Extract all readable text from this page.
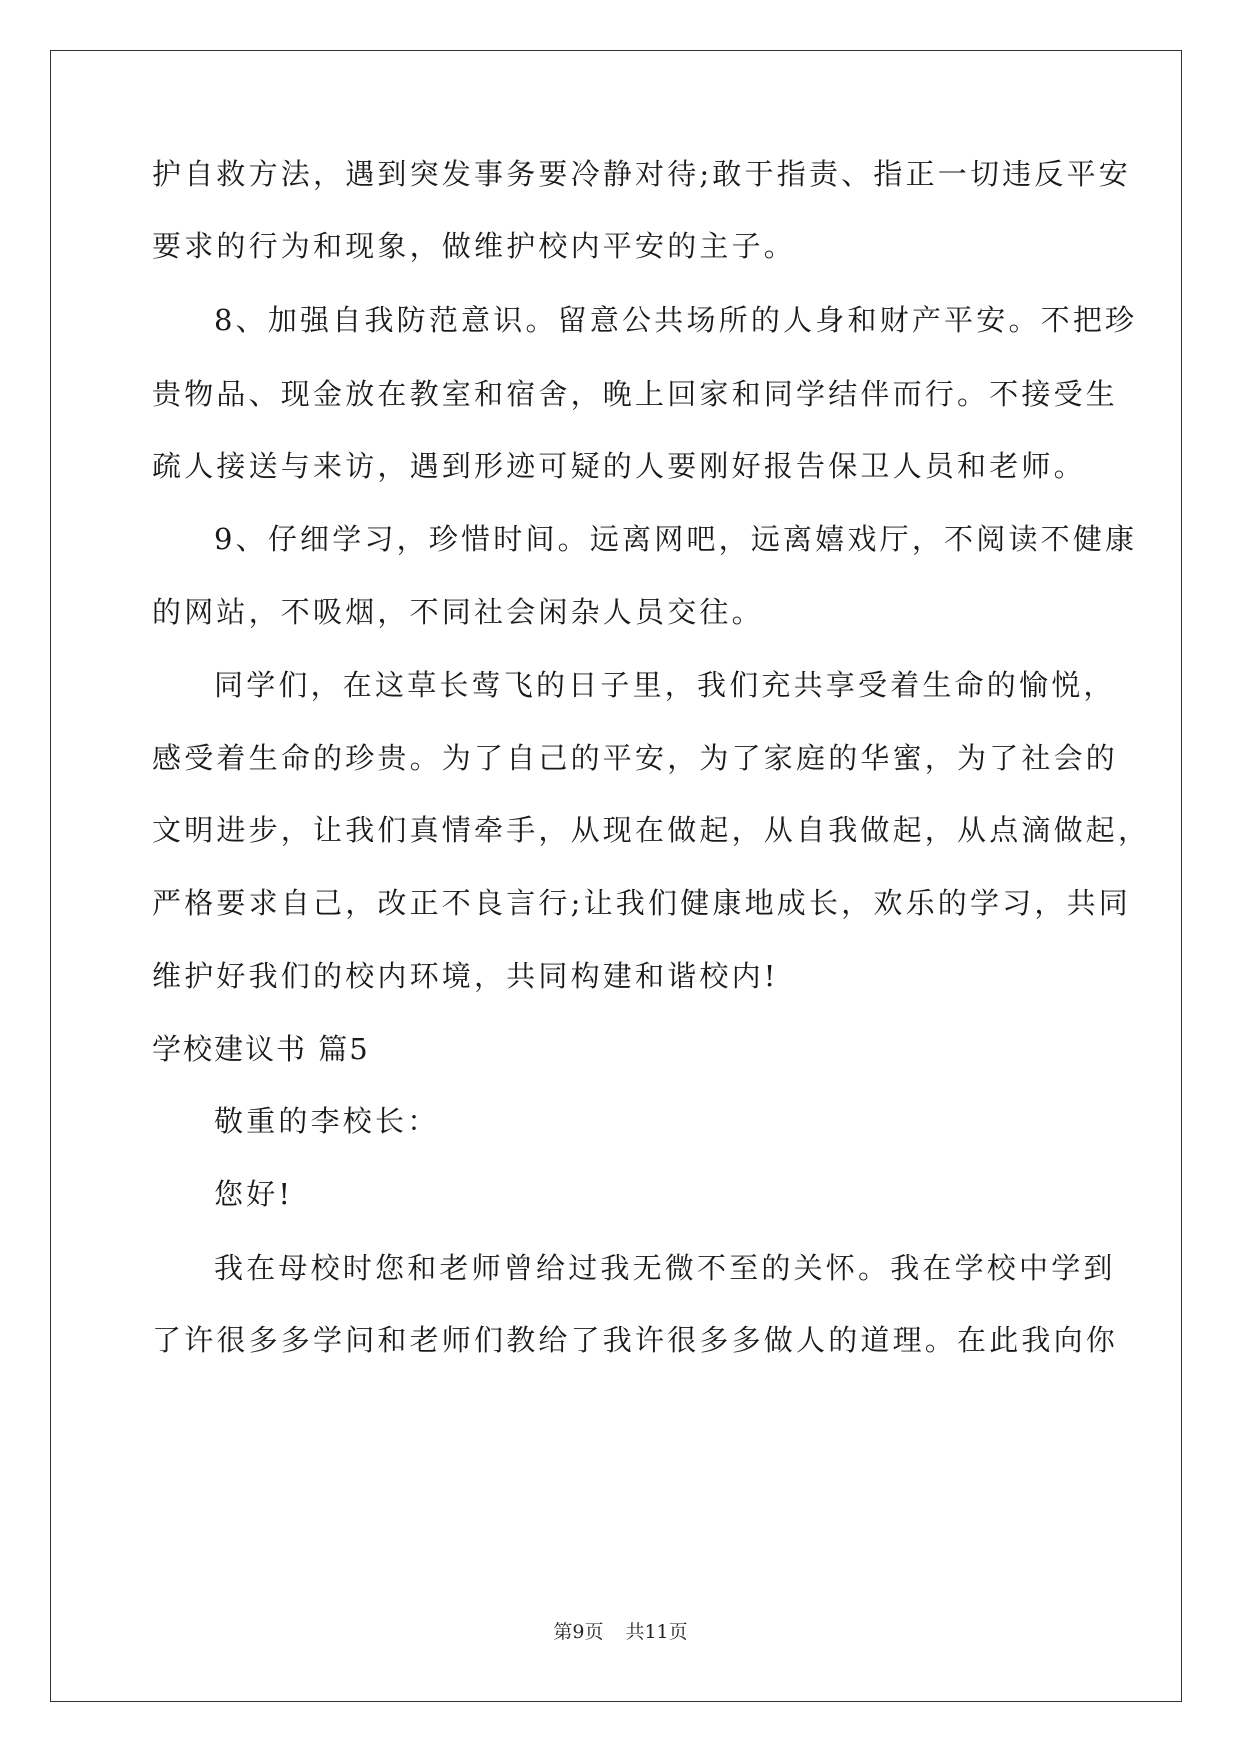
护自救方法，遇到突发事务要冷静对待;敢于指责、指正一切违反平安
要求的行为和现象，做维护校内平安的主子。
8、加强自我防范意识。留意公共场所的人身和财产平安。不把珍
贵物品、现金放在教室和宿舍，晚上回家和同学结伴而行。不接受生
疏人接送与来访，遇到形迹可疑的人要刚好报告保卫人员和老师。
9、仔细学习，珍惜时间。远离网吧，远离嬉戏厅，不阅读不健康
的网站，不吸烟，不同社会闲杂人员交往。
同学们，在这草长莺飞的日子里，我们充共享受着生命的愉悦，
感受着生命的珍贵。为了自己的平安，为了家庭的华蜜，为了社会的
文明进步，让我们真情牵手，从现在做起，从自我做起，从点滴做起，
严格要求自己，改正不良言行;让我们健康地成长，欢乐的学习，共同
维护好我们的校内环境，共同构建和谐校内!
学校建议书 篇5
敬重的李校长：
您好!
我在母校时您和老师曾给过我无微不至的关怀。我在学校中学到
了许很多多学问和老师们教给了我许很多多做人的道理。在此我向你
第9页 共11页
